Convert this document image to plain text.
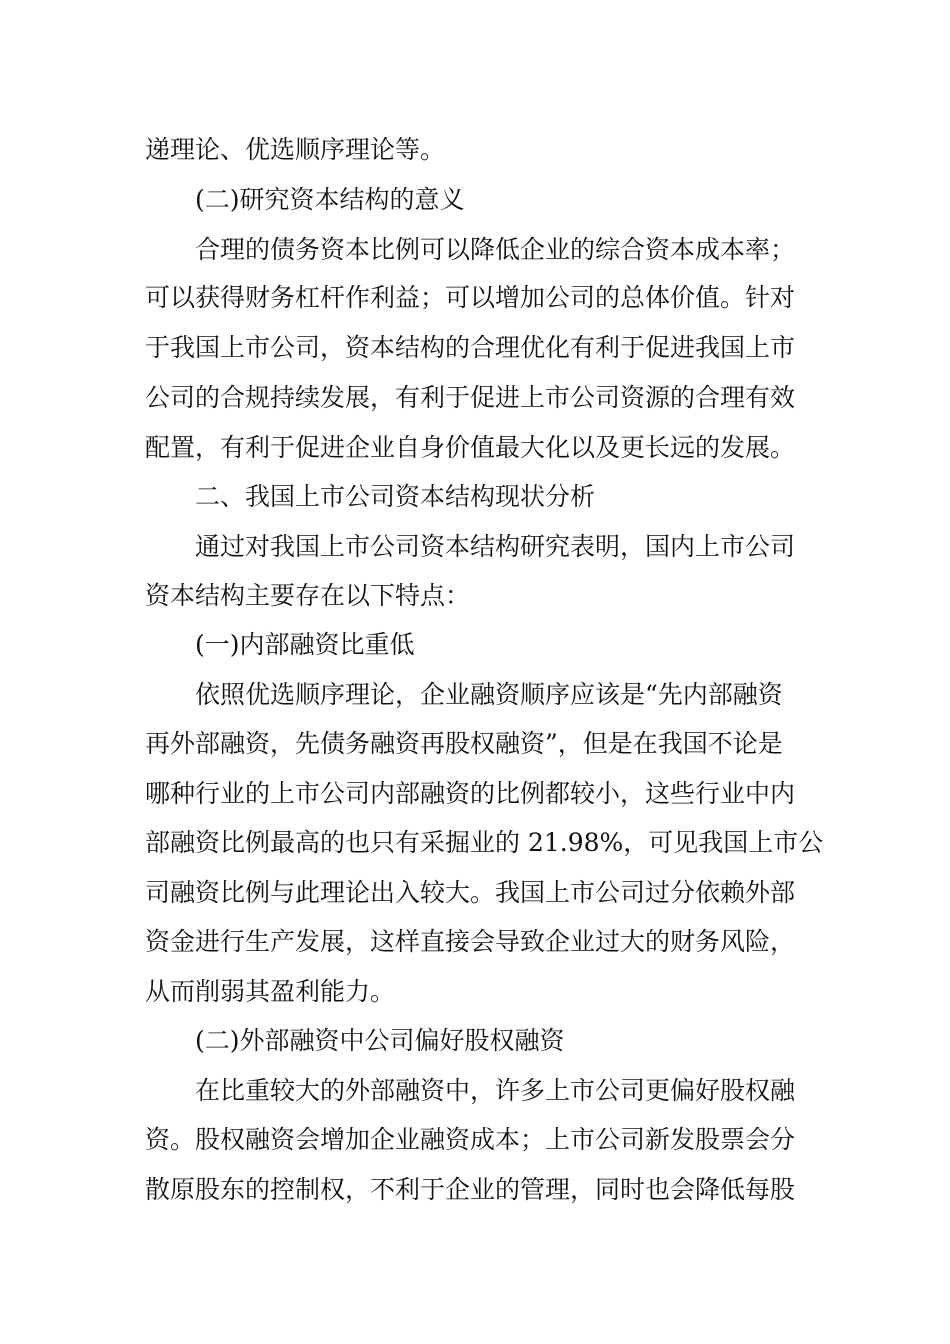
递理论、优选顺序理论等。
(二)研究资本结构的意义
合理的债务资本比例可以降低企业的综合资本成本率；
可以获得财务杠杆作利益；可以增加公司的总体价值。针对
于我国上市公司，资本结构的合理优化有利于促进我国上市
公司的合规持续发展，有利于促进上市公司资源的合理有效
配置，有利于促进企业自身价值最大化以及更长远的发展。
二、我国上市公司资本结构现状分析
通过对我国上市公司资本结构研究表明，国内上市公司
资本结构主要存在以下特点：
(一)内部融资比重低
依照优选顺序理论，企业融资顺序应该是“先内部融资
再外部融资，先债务融资再股权融资”，但是在我国不论是
哪种行业的上市公司内部融资的比例都较小，这些行业中内
部融资比例最高的也只有采掘业的 21.98%，可见我国上市公
司融资比例与此理论出入较大。我国上市公司过分依赖外部
资金进行生产发展，这样直接会导致企业过大的财务风险，
从而削弱其盈利能力。
(二)外部融资中公司偏好股权融资
在比重较大的外部融资中，许多上市公司更偏好股权融
资。股权融资会增加企业融资成本；上市公司新发股票会分
散原股东的控制权，不利于企业的管理，同时也会降低每股
